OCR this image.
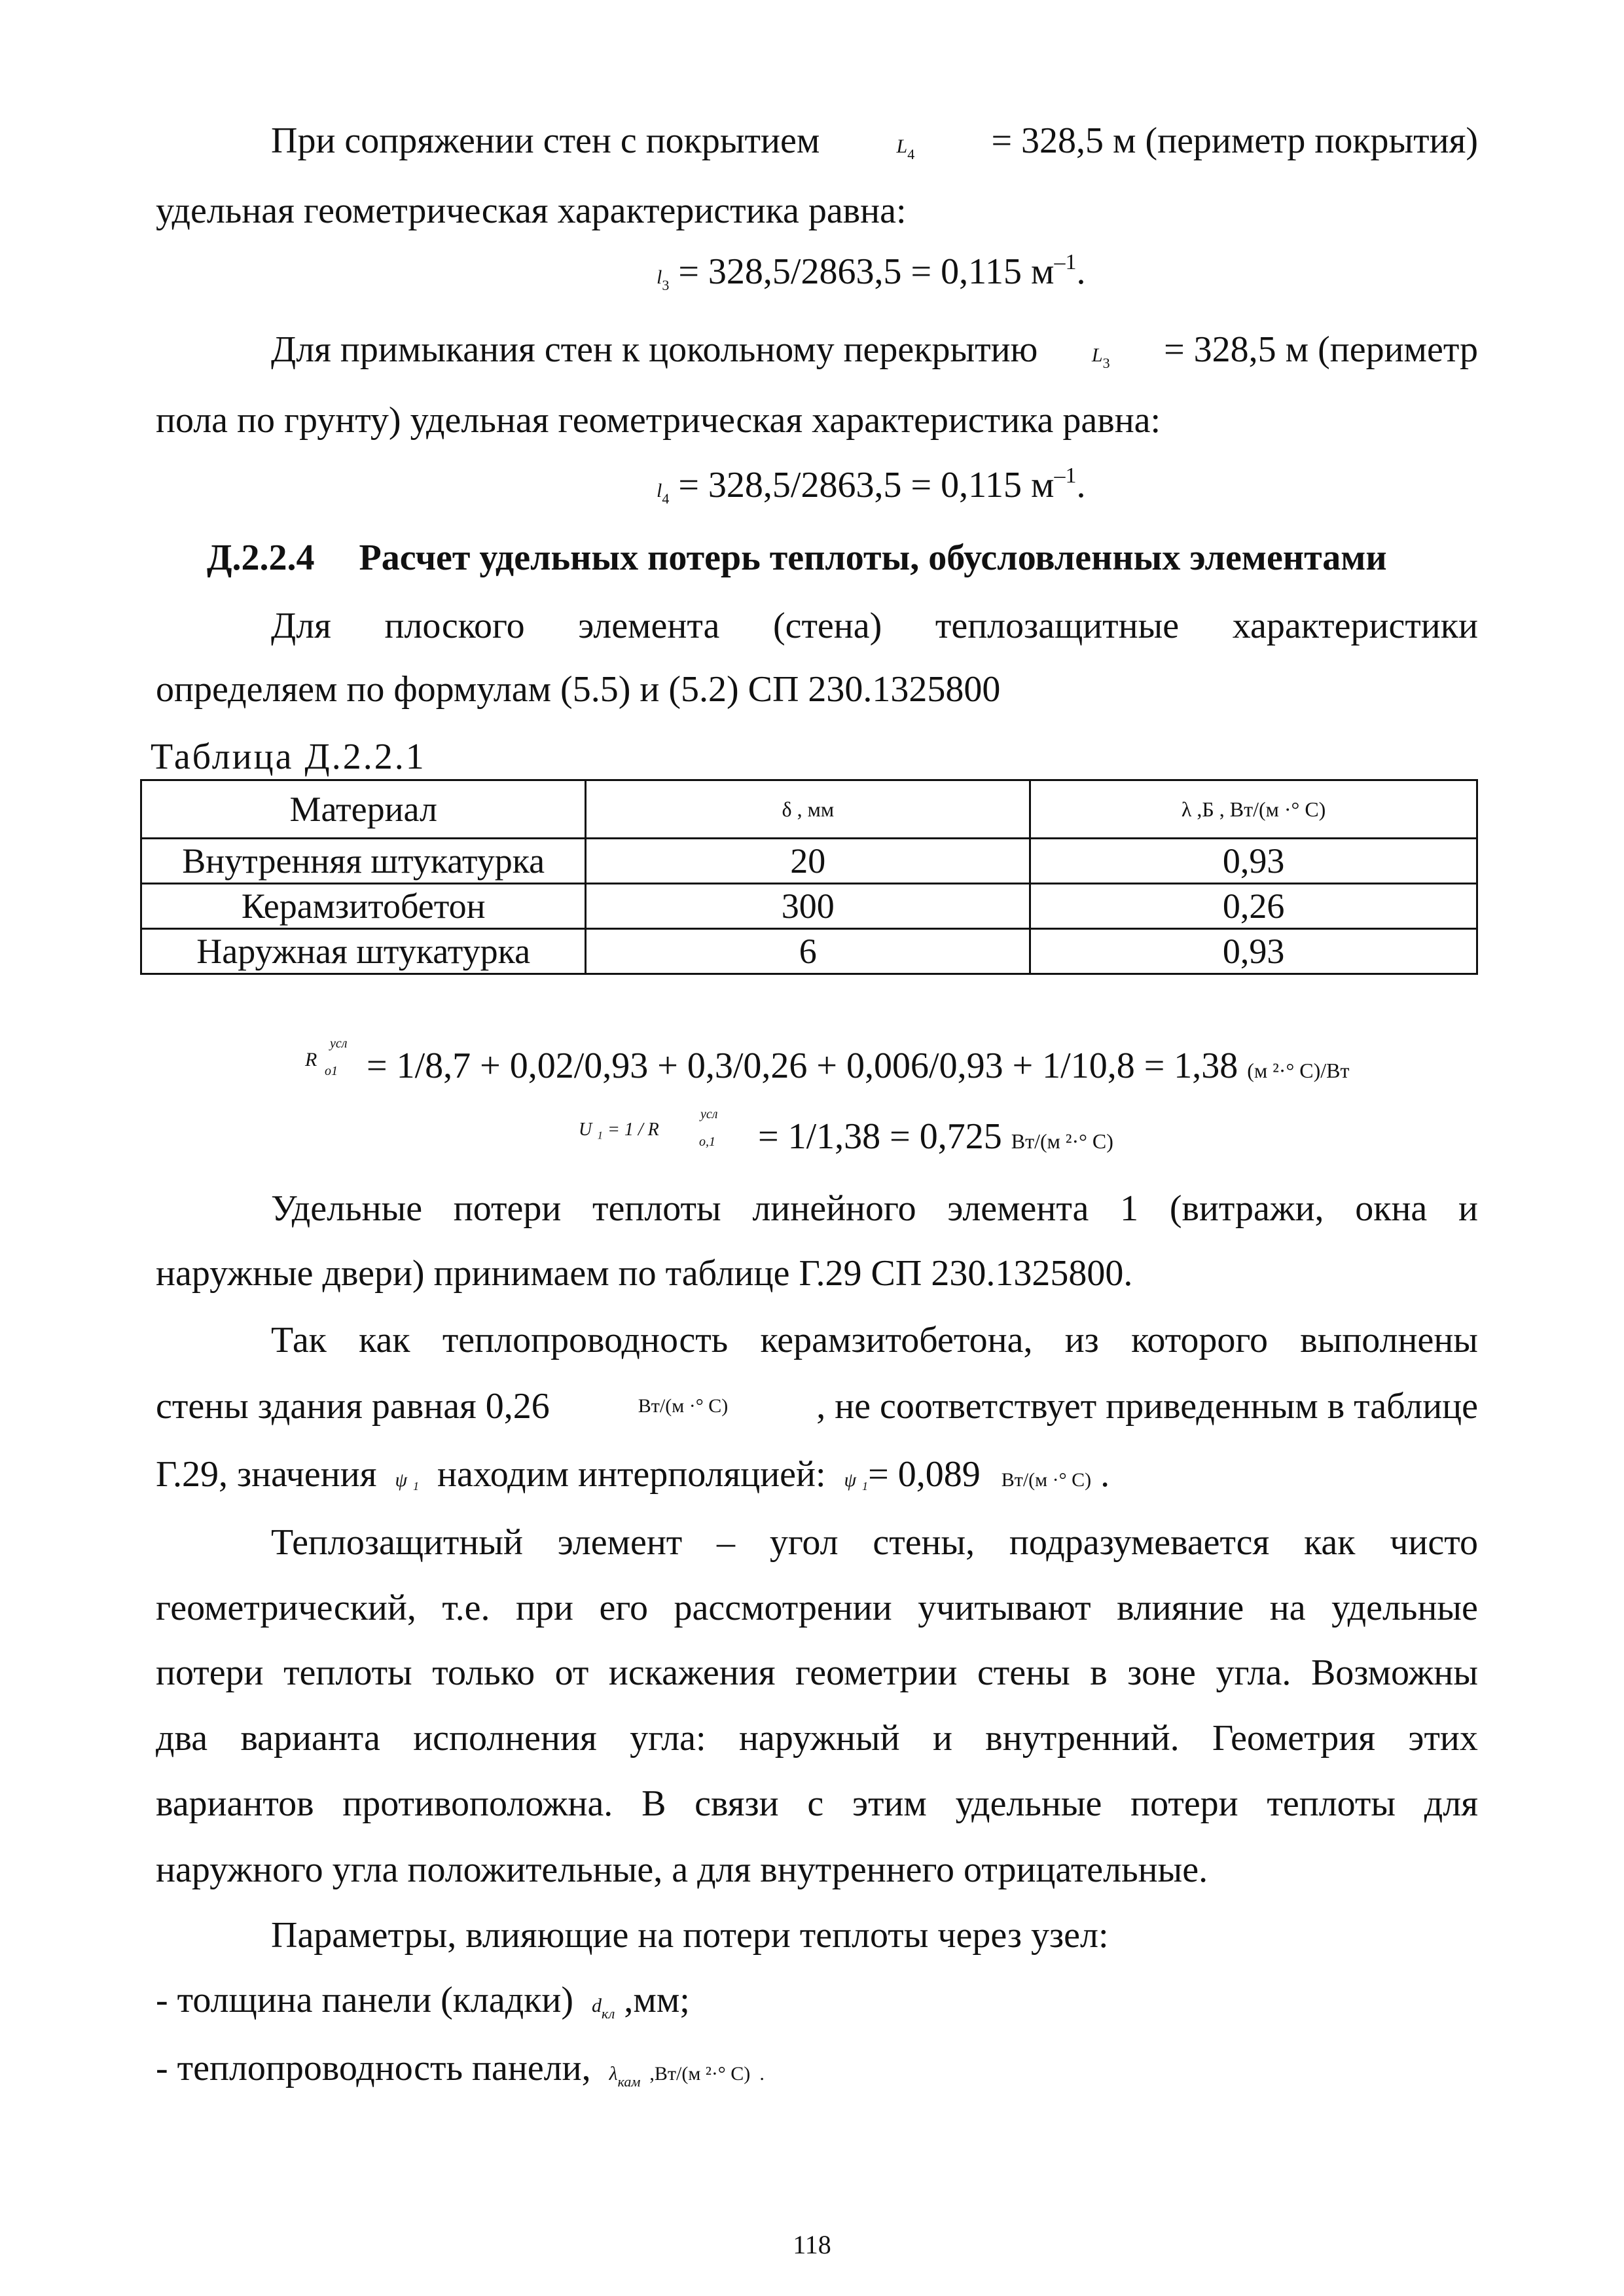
При сопряжении стен с покрытием	$L_4 = 328,5$ м (периметр покрытия)
удельная геометрическая характеристика равна:
$l_3 = 328,5/2863,5 = 0,115$ $м^{-1}$.
Для примыкания стен к цокольному перекрытию	$L_3 = 328,5$ м (периметр
пола по грунту) удельная геометрическая характеристика равна:
$l_4 = 328,5/2863,5 = 0,115$ $м^{-1}$.
Д.2.2.4 Расчет удельных потерь теплоты, обусловленных элементами
Для плоского элемента (стена) теплозащитные характеристики
определяем по формулам (5.5) и (5.2) СП 230.1325800
Таблица Д.2.2.1
Материал	δ , мм	λ ,Б , Вт/(м ·° С)
Внутренняя штукатурка	20	0,93
Керамзитобетон	300	0,26
Наружная штукатурка	6	0,93
R
усл
о1 = 1/8,7 + 0,02/0,93 + 0,3/0,26 + 0,006/0,93 + 1/10,8 = 1,38 (м ²·° С)/Вт
U ₁ = 1 / R
усл
о,1 = 1/1,38 = 0,725 Вт/(м ²·° С)
Удельные потери теплоты линейного элемента 1 (витражи, окна и
наружные двери) принимаем по таблице Г.29 СП 230.1325800.
Так как теплопроводность керамзитобетона, из которого выполнены
стены здания равная 0,26	Вт/(м ·° С) , не соответствует приведенным в таблице
Г.29, значения ψ ₁ находим интерполяцией: ψ ₁= 0,089 Вт/(м ·° С) .
Теплозащитный элемент – угол стены, подразумевается как чисто
геометрический, т.е. при его рассмотрении учитывают влияние на удельные
потери теплоты только от искажения геометрии стены в зоне угла. Возможны
два варианта исполнения угла: наружный и внутренний. Геометрия этих
вариантов противоположна. В связи с этим удельные потери теплоты для
наружного угла положительные, а для внутреннего отрицательные.
Параметры, влияющие на потери теплоты через узел:
- толщина панели (кладки) $d_{кл}$ ,мм;
- теплопроводность панели, $\lambda_{кам}$ ,Вт/(м ²·° С) .
118
